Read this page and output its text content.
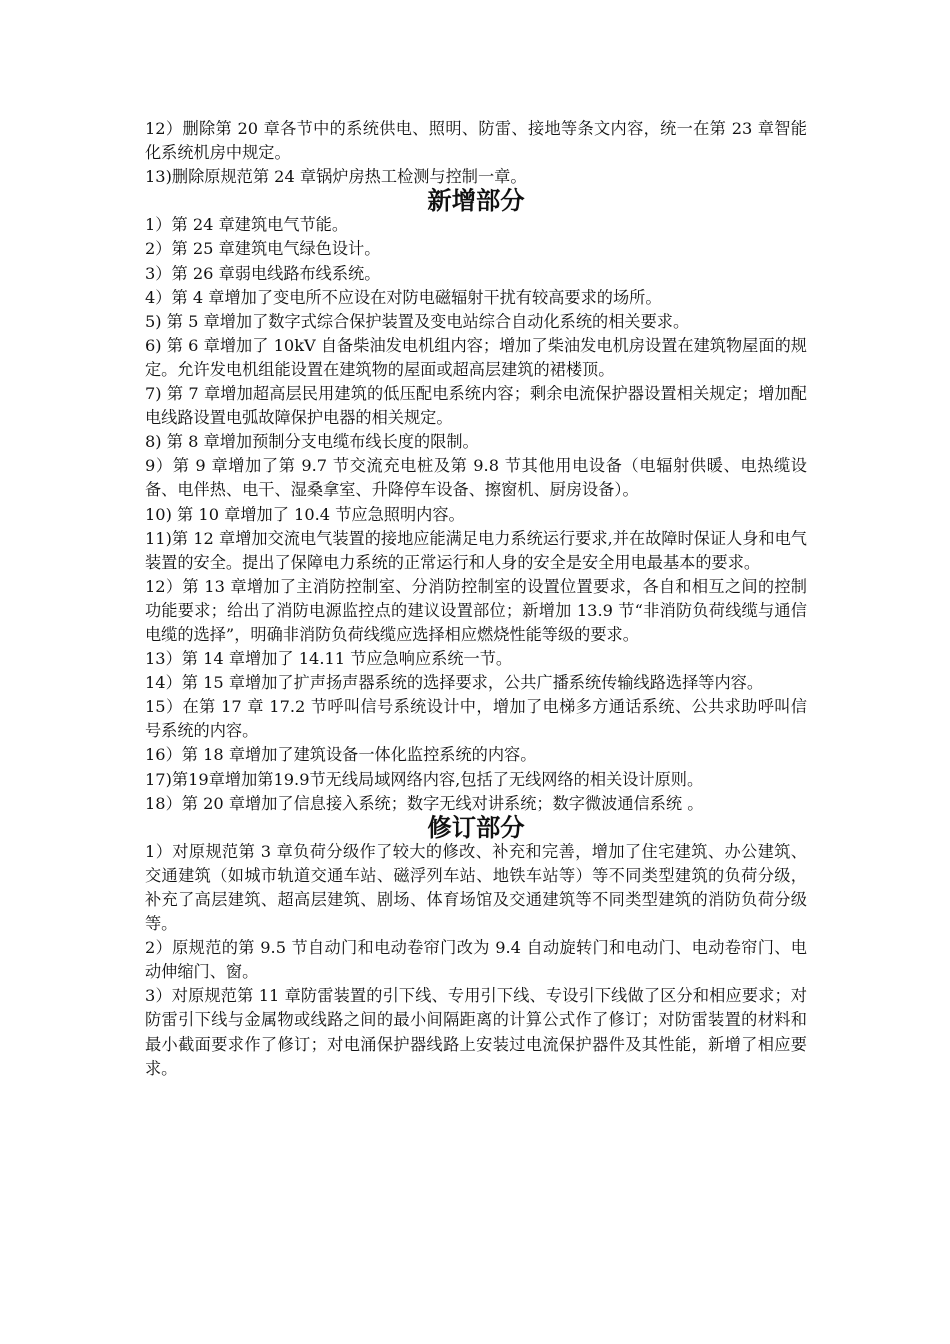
12）删除第 20 章各节中的系统供电、照明、防雷、接地等条文内容，统一在第 23 章智能化系统机房中规定。

13)删除原规范第 24 章锅炉房热工检测与控制一章。

新增部分

1）第 24 章建筑电气节能。

2）第 25 章建筑电气绿色设计。

3）第 26 章弱电线路布线系统。

4）第 4 章增加了变电所不应设在对防电磁辐射干扰有较高要求的场所。

5) 第 5 章增加了数字式综合保护装置及变电站综合自动化系统的相关要求。

6) 第 6 章增加了 10kV 自备柴油发电机组内容；增加了柴油发电机房设置在建筑物屋面的规定。允许发电机组能设置在建筑物的屋面或超高层建筑的裙楼顶。

7) 第 7 章增加超高层民用建筑的低压配电系统内容；剩余电流保护器设置相关规定；增加配电线路设置电弧故障保护电器的相关规定。

8) 第 8 章增加预制分支电缆布线长度的限制。

9）第 9 章增加了第 9.7 节交流充电桩及第 9.8 节其他用电设备（电辐射供暖、电热缆设备、电伴热、电干、湿桑拿室、升降停车设备、擦窗机、厨房设备）。

10) 第 10 章增加了 10.4 节应急照明内容。

11)第 12 章增加交流电气装置的接地应能满足电力系统运行要求,并在故障时保证人身和电气装置的安全。提出了保障电力系统的正常运行和人身的安全是安全用电最基本的要求。

12）第 13 章增加了主消防控制室、分消防控制室的设置位置要求，各自和相互之间的控制功能要求；给出了消防电源监控点的建议设置部位；新增加 13.9 节“非消防负荷线缆与通信电缆的选择”，明确非消防负荷线缆应选择相应燃烧性能等级的要求。

13）第 14 章增加了 14.11 节应急响应系统一节。

14）第 15 章增加了扩声扬声器系统的选择要求，公共广播系统传输线路选择等内容。

15）在第 17 章 17.2 节呼叫信号系统设计中，增加了电梯多方通话系统、公共求助呼叫信号系统的内容。

16）第 18 章增加了建筑设备一体化监控系统的内容。

17)第19章增加第19.9节无线局域网络内容,包括了无线网络的相关设计原则。

18）第 20 章增加了信息接入系统；数字无线对讲系统；数字微波通信系统 。

修订部分

1）对原规范第 3 章负荷分级作了较大的修改、补充和完善，增加了住宅建筑、办公建筑、交通建筑（如城市轨道交通车站、磁浮列车站、地铁车站等）等不同类型建筑的负荷分级，补充了高层建筑、超高层建筑、剧场、体育场馆及交通建筑等不同类型建筑的消防负荷分级等。

2）原规范的第 9.5 节自动门和电动卷帘门改为 9.4 自动旋转门和电动门、电动卷帘门、电动伸缩门、窗。

3）对原规范第 11 章防雷装置的引下线、专用引下线、专设引下线做了区分和相应要求；对防雷引下线与金属物或线路之间的最小间隔距离的计算公式作了修订；对防雷装置的材料和最小截面要求作了修订；对电涌保护器线路上安装过电流保护器件及其性能，新增了相应要求。
